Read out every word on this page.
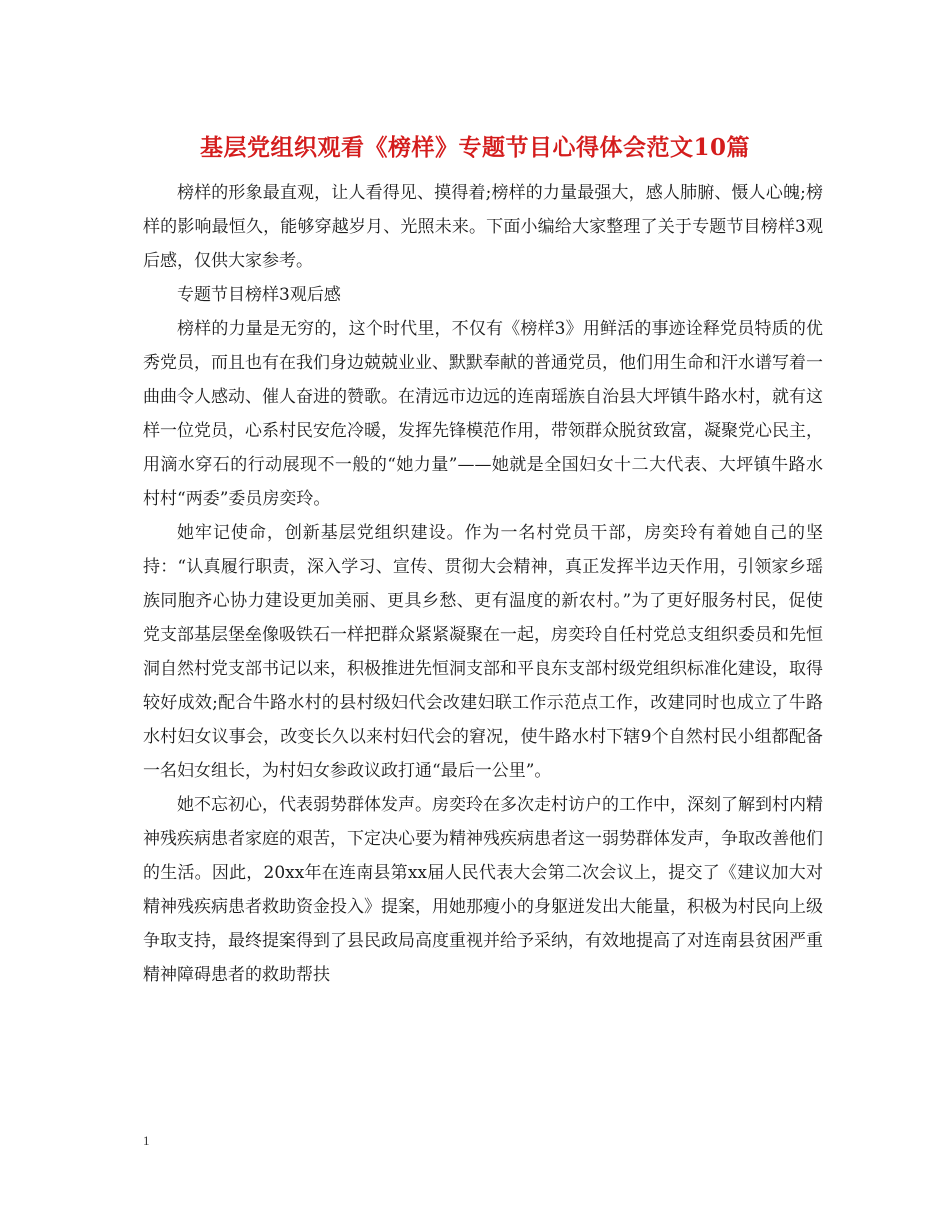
基层党组织观看《榜样》专题节目心得体会范文10篇

榜样的形象最直观，让人看得见、摸得着;榜样的力量最强大，感人肺腑、慑人心魄;榜样的影响最恒久，能够穿越岁月、光照未来。下面小编给大家整理了关于专题节目榜样3观后感，仅供大家参考。

专题节目榜样3观后感

榜样的力量是无穷的，这个时代里，不仅有《榜样3》用鲜活的事迹诠释党员特质的优秀党员，而且也有在我们身边兢兢业业、默默奉献的普通党员，他们用生命和汗水谱写着一曲曲令人感动、催人奋进的赞歌。在清远市边远的连南瑶族自治县大坪镇牛路水村，就有这样一位党员，心系村民安危冷暖，发挥先锋模范作用，带领群众脱贫致富，凝聚党心民主，用滴水穿石的行动展现不一般的“她力量”——她就是全国妇女十二大代表、大坪镇牛路水村村“两委”委员房奕玲。

她牢记使命，创新基层党组织建设。作为一名村党员干部，房奕玲有着她自己的坚持：“认真履行职责，深入学习、宣传、贯彻大会精神，真正发挥半边天作用，引领家乡瑶族同胞齐心协力建设更加美丽、更具乡愁、更有温度的新农村。”为了更好服务村民，促使党支部基层堡垒像吸铁石一样把群众紧紧凝聚在一起，房奕玲自任村党总支组织委员和先恒洞自然村党支部书记以来，积极推进先恒洞支部和平良东支部村级党组织标准化建设，取得较好成效;配合牛路水村的县村级妇代会改建妇联工作示范点工作，改建同时也成立了牛路水村妇女议事会，改变长久以来村妇代会的窘况，使牛路水村下辖9个自然村民小组都配备一名妇女组长，为村妇女参政议政打通“最后一公里”。

她不忘初心，代表弱势群体发声。房奕玲在多次走村访户的工作中，深刻了解到村内精神残疾病患者家庭的艰苦，下定决心要为精神残疾病患者这一弱势群体发声，争取改善他们的生活。因此，20xx年在连南县第xx届人民代表大会第二次会议上，提交了《建议加大对精神残疾病患者救助资金投入》提案，用她那瘦小的身躯迸发出大能量，积极为村民向上级争取支持，最终提案得到了县民政局高度重视并给予采纳，有效地提高了对连南县贫困严重精神障碍患者的救助帮扶

1
